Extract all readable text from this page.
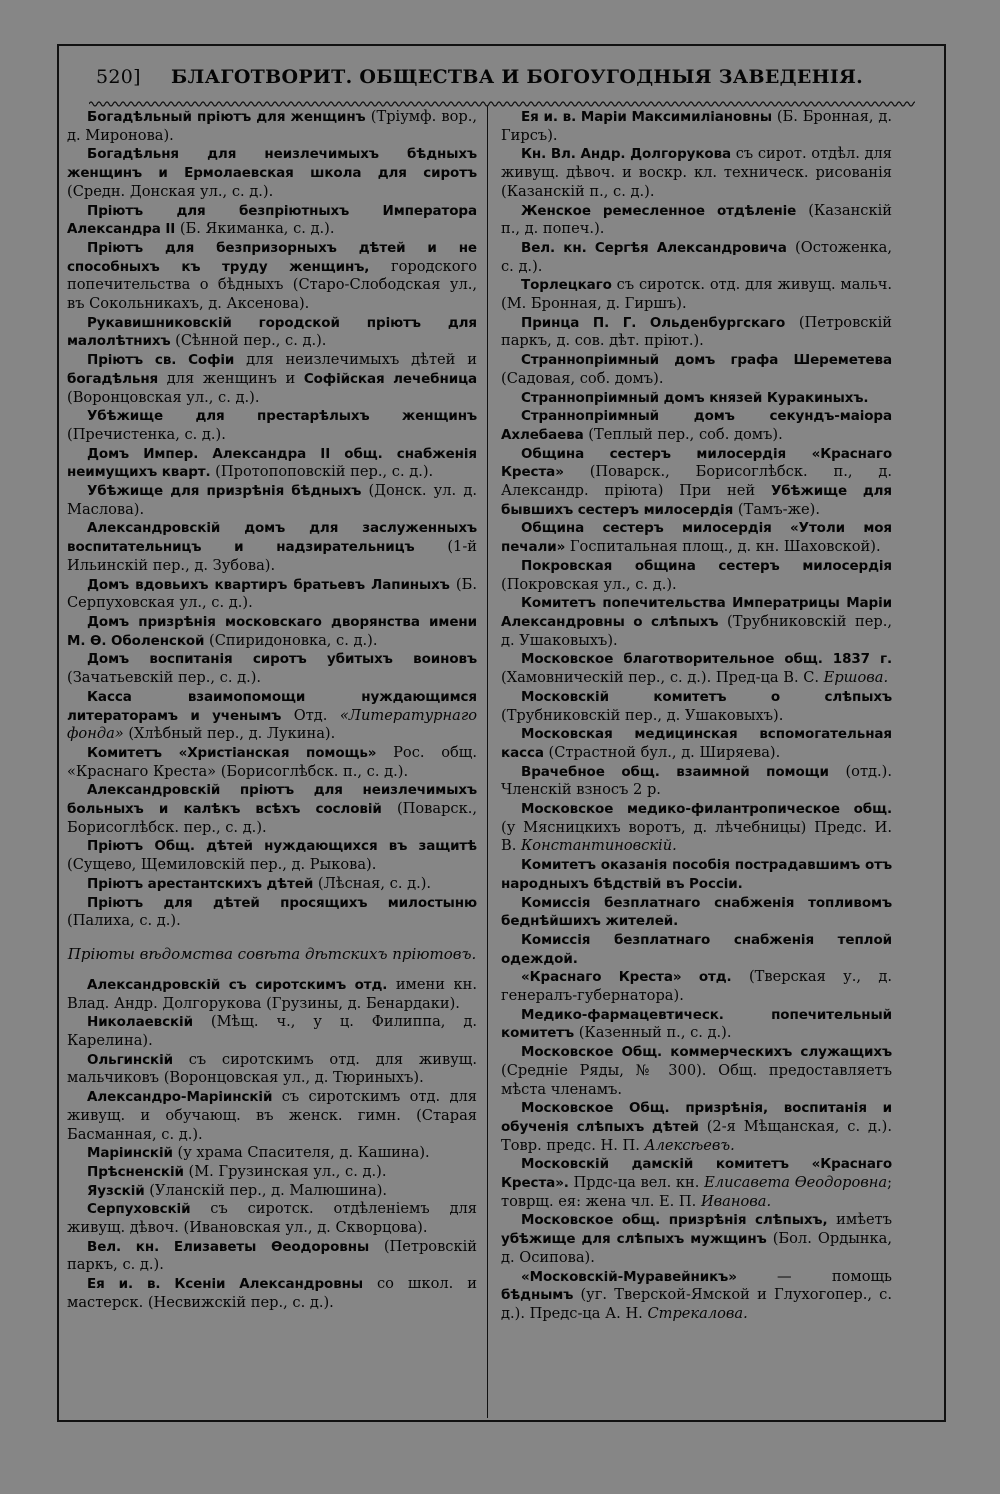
520] БЛАГОТВОРИТ. ОБЩЕСТВА И БОГОУГОДНЫЯ ЗАВЕДЕНІЯ.

Богадѣльный пріютъ для женщинъ (Тріумф. вор., д. Миронова).

Богадѣльня для неизлечимыхъ бѣдныхъ женщинъ и Ермолаевская школа для сиротъ (Средн. Донская ул., с. д.).

Пріютъ для безпріютныхъ Императора Александра II (Б. Якиманка, с. д.).

Пріютъ для безпризорныхъ дѣтей и не способныхъ къ труду женщинъ, городского попечительства о бѣдныхъ (Старо-Слободская ул., въ Сокольникахъ, д. Аксенова).

Рукавишниковскій городской пріютъ для малолѣтнихъ (Сѣнной пер., с. д.).

Пріютъ св. Софіи для неизлечимыхъ дѣтей и богадѣльня для женщинъ и Софійская лечебница (Воронцовская ул., с. д.).

Убѣжище для престарѣлыхъ женщинъ (Пречистенка, с. д.).

Домъ Импер. Александра II общ. снабженія неимущихъ кварт. (Протопоповскій пер., с. д.).

Убѣжище для призрѣнія бѣдныхъ (Донск. ул. д. Маслова).

Александровскій домъ для заслуженныхъ воспитательницъ и надзирательницъ (1-й Ильинскій пер., д. Зубова).

Домъ вдовьихъ квартиръ братьевъ Лапиныхъ (Б. Серпуховская ул., с. д.).

Домъ призрѣнія московскаго дворянства имени М. Ѳ. Оболенской (Спиридоновка, с. д.).

Домъ воспитанія сиротъ убитыхъ воиновъ (Зачатьевскій пер., с. д.).

Касса взаимопомощи нуждающимся литераторамъ и ученымъ Отд. «Литературнаго фонда» (Хлѣбный пер., д. Лукина).

Комитетъ «Христіанская помощь» Рос. общ. «Краснаго Креста» (Борисоглѣбск. п., с. д.).

Александровскій пріютъ для неизлечимыхъ больныхъ и калѣкъ всѣхъ сословій (Поварск., Борисоглѣбск. пер., с. д.).

Пріютъ Общ. дѣтей нуждающихся въ защитѣ (Сущево, Щемиловскій пер., д. Рыкова).

Пріютъ арестантскихъ дѣтей (Лѣсная, с. д.).

Пріютъ для дѣтей просящихъ милостыню (Палиха, с. д.).

Пріюты вѣдомства совѣта дѣтскихъ пріютовъ.

Александровскій съ сиротскимъ отд. имени кн. Влад. Андр. Долгорукова (Грузины, д. Бенардаки).

Николаевскій (Мѣщ. ч., у ц. Филиппа, д. Карелина).

Ольгинскій съ сиротскимъ отд. для живущ. мальчиковъ (Воронцовская ул., д. Тюриныхъ).

Александро-Маріинскій съ сиротскимъ отд. для живущ. и обучающ. въ женск. гимн. (Старая Басманная, с. д.).

Маріинскій (у храма Спасителя, д. Кашина).

Прѣсненскій (М. Грузинская ул., с. д.).

Яузскій (Уланскій пер., д. Малюшина).

Серпуховскій съ сиротск. отдѣленіемъ для живущ. дѣвоч. (Ивановская ул., д. Скворцова).

Вел. кн. Елизаветы Ѳеодоровны (Петровскій паркъ, с. д.).

Ея и. в. Ксеніи Александровны со школ. и мастерск. (Несвижскій пер., с. д.).

Ея и. в. Маріи Максимиліановны (Б. Бронная, д. Гирсъ).

Кн. Вл. Андр. Долгорукова съ сирот. отдѣл. для живущ. дѣвоч. и воскр. кл. техническ. рисованія (Казанскій п., с. д.).

Женское ремесленное отдѣленіе (Казанскій п., д. попеч.).

Вел. кн. Сергѣя Александровича (Остоженка, с. д.).

Торлецкаго съ сиротск. отд. для живущ. мальч. (М. Бронная, д. Гиршъ).

Принца П. Г. Ольденбургскаго (Петровскій паркъ, д. сов. дѣт. пріют.).

Страннопріимный домъ графа Шереметева (Садовая, соб. домъ).

Страннопріимный домъ князей Куракиныхъ.

Страннопріимный домъ секундъ-маіора Ахлебаева (Теплый пер., соб. домъ).

Община сестеръ милосердія «Краснаго Креста» (Поварск., Борисоглѣбск. п., д. Александр. пріюта) При ней Убѣжище для бывшихъ сестеръ милосердія (Тамъ-же).

Община сестеръ милосердія «Утоли моя печали» Госпитальная площ., д. кн. Шаховской).

Покровская община сестеръ милосердія (Покровская ул., с. д.).

Комитетъ попечительства Императрицы Маріи Александровны о слѣпыхъ (Трубниковскій пер., д. Ушаковыхъ).

Московское благотворительное общ. 1837 г. (Хамовническій пер., с. д.). Пред-ца В. С. Ершова.

Московскій комитетъ о слѣпыхъ (Трубниковскій пер., д. Ушаковыхъ).

Московская медицинская вспомогательная касса (Страстной бул., д. Ширяева).

Врачебное общ. взаимной помощи (отд.). Членскій взносъ 2 р.

Московское медико-филантропическое общ. (у Мясницкихъ воротъ, д. лѣчебницы) Предс. И. В. Константиновскій.

Комитетъ оказанія пособія пострадавшимъ отъ народныхъ бѣдствій въ Россіи.

Комиссія безплатнаго снабженія топливомъ беднѣйшихъ жителей.

Комиссія безплатнаго снабженія теплой одеждой.

«Краснаго Креста» отд. (Тверская у., д. генералъ-губернатора).

Медико-фармацевтическ. попечительный комитетъ (Казенный п., с. д.).

Московское Общ. коммерческихъ служащихъ (Средніе Ряды, № 300). Общ. предоставляетъ мѣста членамъ.

Московское Общ. призрѣнія, воспитанія и обученія слѣпыхъ дѣтей (2-я Мѣщанская, с. д.). Товр. предс. Н. П. Алексѣевъ.

Московскій дамскій комитетъ «Краснаго Креста». Прдс-ца вел. кн. Елисавета Ѳеодоровна; товрщ. ея: жена чл. Е. П. Иванова.

Московское общ. призрѣнія слѣпыхъ, имѣетъ убѣжище для слѣпыхъ мужщинъ (Бол. Ордынка, д. Осипова).

«Московскій-Муравейникъ» — помощь бѣднымъ (уг. Тверской-Ямской и Глухогопер., с. д.). Предс-ца А. Н. Стрекалова.
